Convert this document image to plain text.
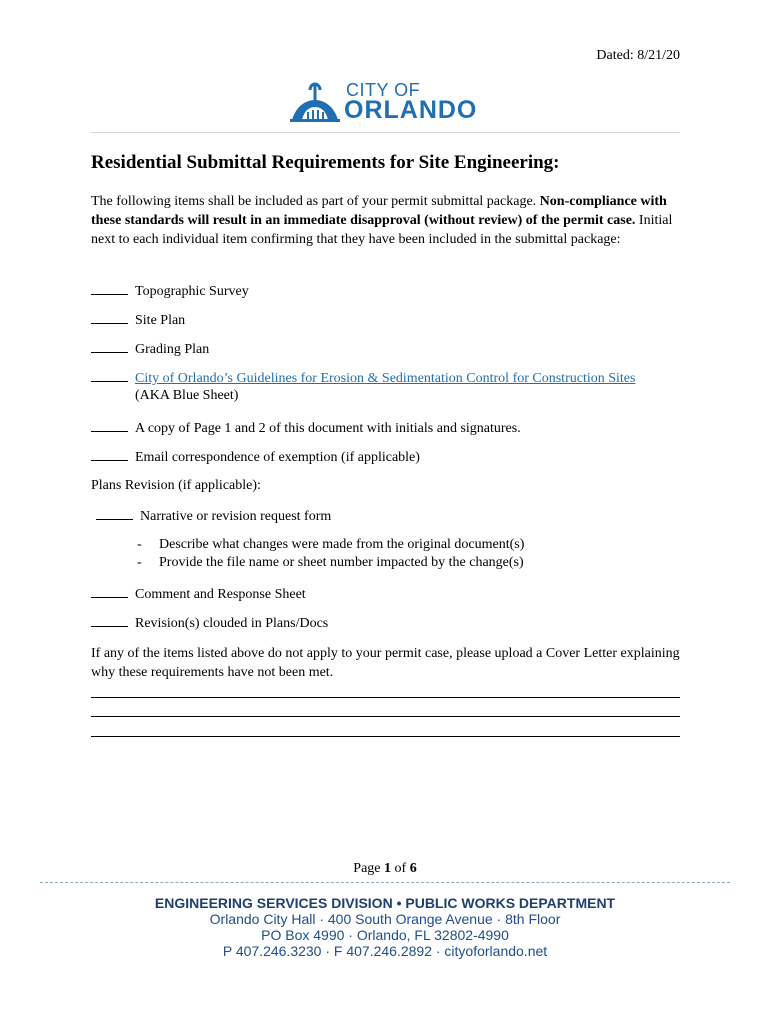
Dated: 8/21/20
CITY OF
ORLANDO
Residential Submittal Requirements for Site Engineering:
The following items shall be included as part of your permit submittal package. Non-compliance with these standards will result in an immediate disapproval (without review) of the permit case. Initial next to each individual item confirming that they have been included in the submittal package:
Topographic Survey
Site Plan
Grading Plan
City of Orlando’s Guidelines for Erosion & Sedimentation Control for Construction Sites
(AKA Blue Sheet)
A copy of Page 1 and 2 of this document with initials and signatures.
Email correspondence of exemption (if applicable)
Plans Revision (if applicable):
Narrative or revision request form
- Describe what changes were made from the original document(s)
- Provide the file name or sheet number impacted by the change(s)
Comment and Response Sheet
Revision(s) clouded in Plans/Docs
If any of the items listed above do not apply to your permit case, please upload a Cover Letter explaining why these requirements have not been met.
Page 1 of 6
ENGINEERING SERVICES DIVISION • PUBLIC WORKS DEPARTMENT
Orlando City Hall · 400 South Orange Avenue · 8th Floor
PO Box 4990 · Orlando, FL 32802-4990
P 407.246.3230 · F 407.246.2892 · cityoforlando.net
